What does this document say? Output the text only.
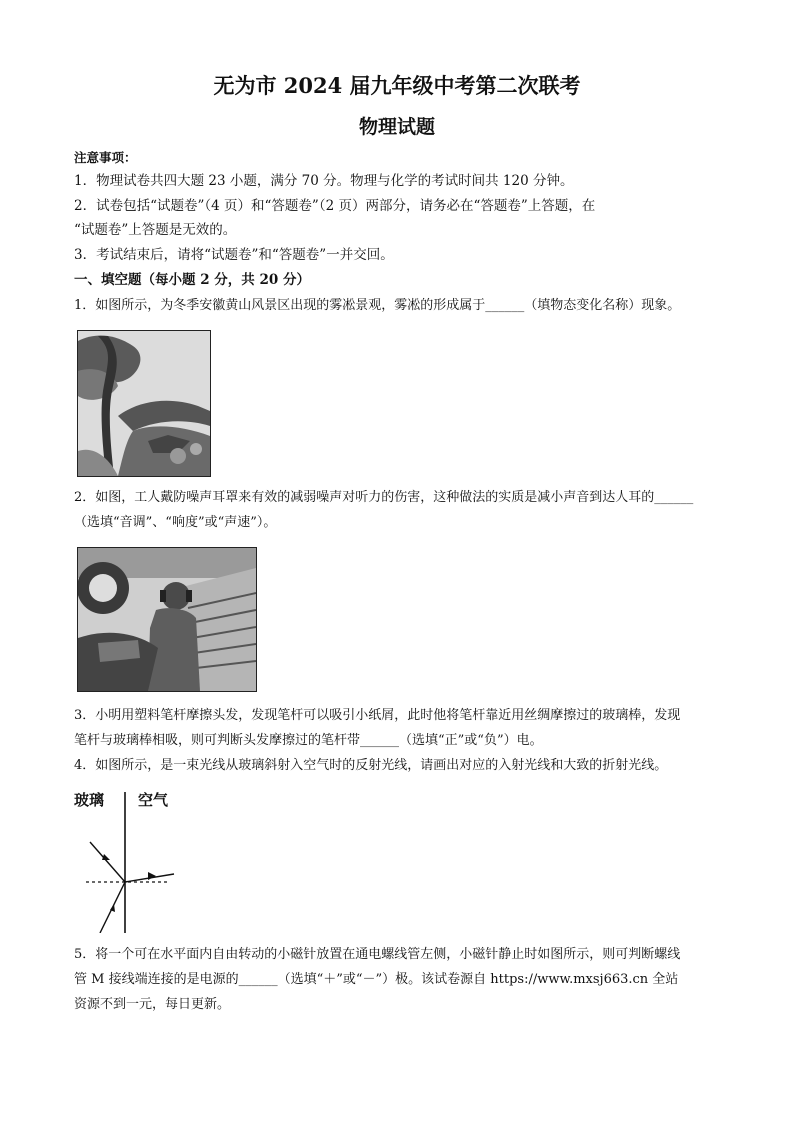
无为市 2024 届九年级中考第二次联考
物理试题
注意事项：
1．物理试卷共四大题 23 小题，满分 70 分。物理与化学的考试时间共 120 分钟。
2．试卷包括“试题卷”（4 页）和“答题卷”（2 页）两部分，请务必在“答题卷”上答题，在
“试题卷”上答题是无效的。
3．考试结束后，请将“试题卷”和“答题卷”一并交回。
一、填空题（每小题 2 分，共 20 分）
1．如图所示，为冬季安徽黄山风景区出现的雾凇景观，雾凇的形成属于______（填物态变化名称）现象。
2．如图，工人戴防噪声耳罩来有效的减弱噪声对听力的伤害，这种做法的实质是减小声音到达人耳的______
（选填“音调”、“响度”或“声速”）。
3．小明用塑料笔杆摩擦头发，发现笔杆可以吸引小纸屑，此时他将笔杆靠近用丝绸摩擦过的玻璃棒，发现
笔杆与玻璃棒相吸，则可判断头发摩擦过的笔杆带______（选填“正”或“负”）电。
4．如图所示，是一束光线从玻璃斜射入空气时的反射光线，请画出对应的入射光线和大致的折射光线。
玻璃 空气
5．将一个可在水平面内自由转动的小磁针放置在通电螺线管左侧，小磁针静止时如图所示，则可判断螺线
管 M 接线端连接的是电源的______（选填“＋”或“－”）极。该试卷源自 https://www.mxsj663.cn 全站
资源不到一元，每日更新。
